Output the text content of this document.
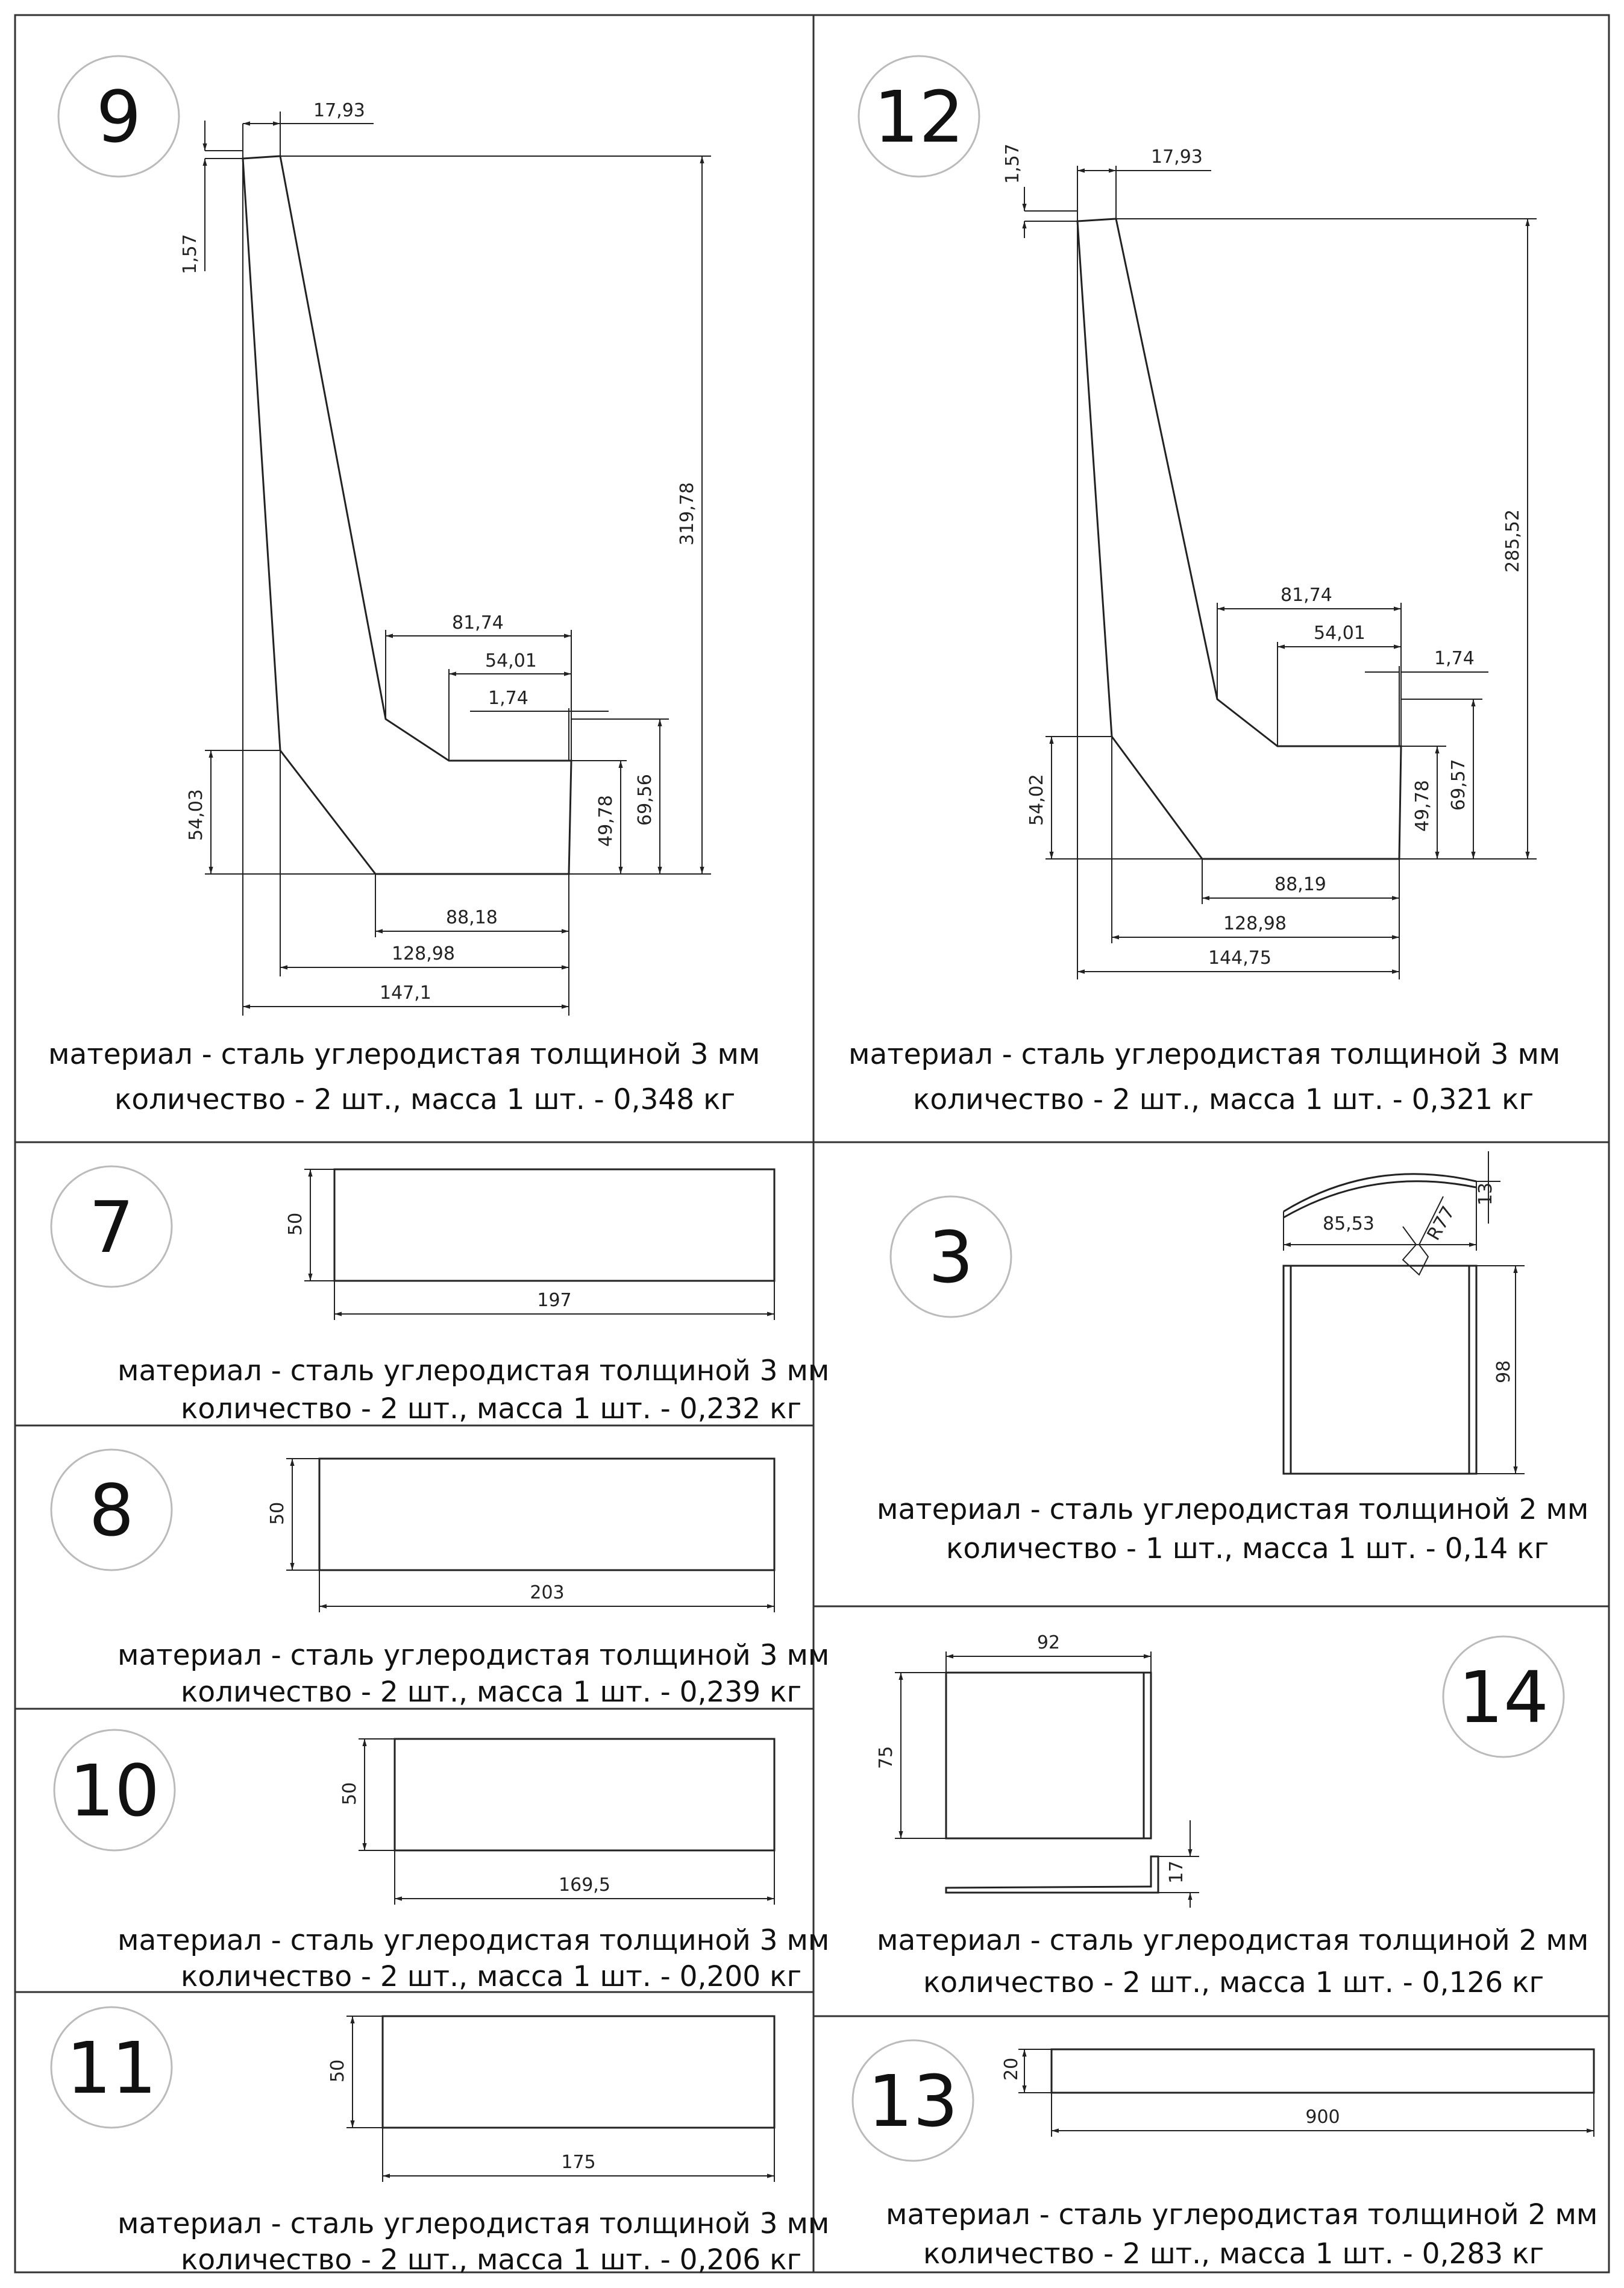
9	17,93
1,57
319,78
81,74
54,01
1,74
49,78 69,56
54,03
88,18
128,98
147,1
материал - сталь углеродистая толщиной 3 мм
количество - 2 шт., масса 1 шт. - 0,348 кг
12	17,93
1,57
285,52
81,74
54,01
1,74
49,78 69,57
54,02
88,19
128,98
144,75
материал - сталь углеродистая толщиной 3 мм
количество - 2 шт., масса 1 шт. - 0,321 кг
7	50
197
материал - сталь углеродистая толщиной 3 мм
количество - 2 шт., масса 1 шт. - 0,232 кг
8	50
203
материал - сталь углеродистая толщиной 3 мм
количество - 2 шт., масса 1 шт. - 0,239 кг
10	50
169,5
материал - сталь углеродистая толщиной 3 мм
количество - 2 шт., масса 1 шт. - 0,200 кг
11	50
175
материал - сталь углеродистая толщиной 3 мм
количество - 2 шт., масса 1 шт. - 0,206 кг
3	85,53	R77
13
98
материал - сталь углеродистая толщиной 2 мм
количество - 1 шт., масса 1 шт. - 0,14 кг
14
92
75
17
материал - сталь углеродистая толщиной 2 мм
количество - 2 шт., масса 1 шт. - 0,126 кг
13 20
900
материал - сталь углеродистая толщиной 2 мм
количество - 2 шт., масса 1 шт. - 0,283 кг
